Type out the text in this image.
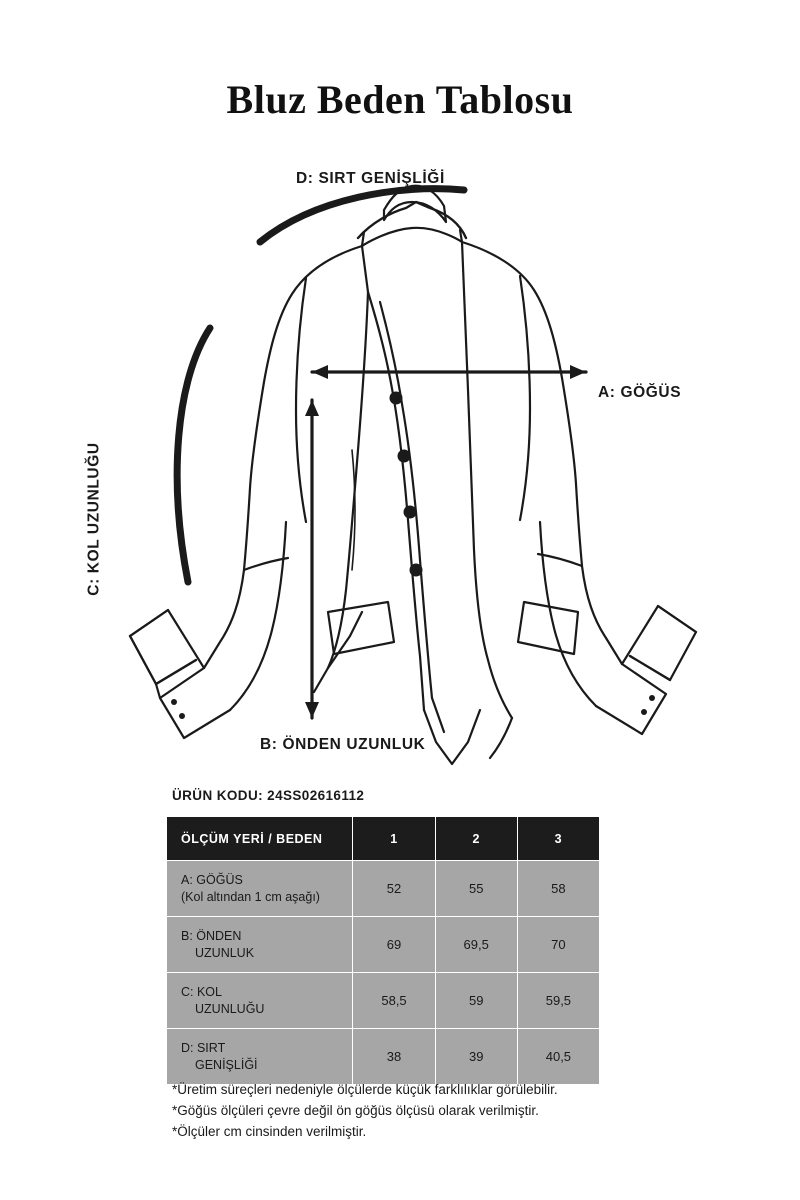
Bluz Beden Tablosu
D: SIRT GENİŞLİĞİ
A: GÖĞÜS
B: ÖNDEN UZUNLUK
C: KOL UZUNLUĞU
ÜRÜN KODU: 24SS02616112
ÖLÇÜM YERİ / BEDEN	1	2	3

A: GÖĞÜS
(Kol altından 1 cm aşağı)	52	55	58

B: ÖNDEN
UZUNLUK	69	69,5	70

C: KOL
UZUNLUĞU	58,5	59	59,5

D: SIRT
GENİŞLİĞİ	38	39	40,5
*Üretim süreçleri nedeniyle ölçülerde küçük farklılıklar görülebilir.
*Göğüs ölçüleri çevre değil ön göğüs ölçüsü olarak verilmiştir.
*Ölçüler cm cinsinden verilmiştir.
